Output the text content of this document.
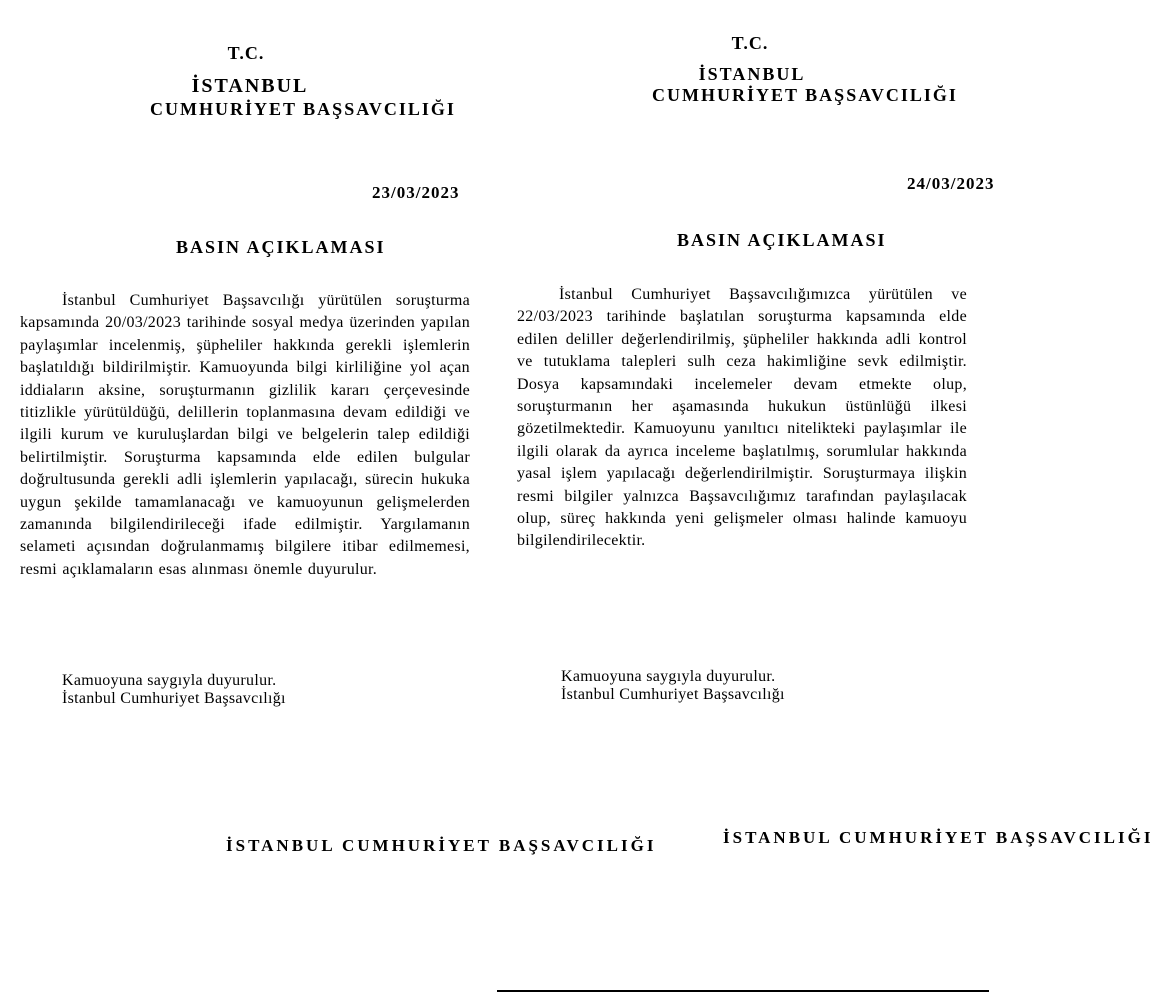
T.C.
İSTANBUL
CUMHURİYET BAŞSAVCILIĞI
23/03/2023
BASIN AÇIKLAMASI
İstanbul Cumhuriyet Başsavcılığı yürütülen soruşturma kapsamında 20/03/2023 tarihinde sosyal medya üzerinden yapılan paylaşımlar incelenmiş, şüpheliler hakkında gerekli işlemlerin başlatıldığı bildirilmiştir. Kamuoyunda bilgi kirliliğine yol açan iddiaların aksine, soruşturmanın gizlilik kararı çerçevesinde titizlikle yürütüldüğü, delillerin toplanmasına devam edildiği ve ilgili kurum ve kuruluşlardan bilgi ve belgelerin talep edildiği belirtilmiştir. Soruşturma kapsamında elde edilen bulgular doğrultusunda gerekli adli işlemlerin yapılacağı, sürecin hukuka uygun şekilde tamamlanacağı ve kamuoyunun gelişmelerden zamanında bilgilendirileceği ifade edilmiştir. Yargılamanın selameti açısından doğrulanmamış bilgilere itibar edilmemesi, resmi açıklamaların esas alınması önemle duyurulur.
Kamuoyuna saygıyla duyurulur.
İstanbul Cumhuriyet Başsavcılığı
İSTANBUL CUMHURİYET BAŞSAVCILIĞI
T.C.
İSTANBUL
CUMHURİYET BAŞSAVCILIĞI
24/03/2023
BASIN AÇIKLAMASI
İstanbul Cumhuriyet Başsavcılığımızca yürütülen ve 22/03/2023 tarihinde başlatılan soruşturma kapsamında elde edilen deliller değerlendirilmiş, şüpheliler hakkında adli kontrol ve tutuklama talepleri sulh ceza hakimliğine sevk edilmiştir. Dosya kapsamındaki incelemeler devam etmekte olup, soruşturmanın her aşamasında hukukun üstünlüğü ilkesi gözetilmektedir. Kamuoyunu yanıltıcı nitelikteki paylaşımlar ile ilgili olarak da ayrıca inceleme başlatılmış, sorumlular hakkında yasal işlem yapılacağı değerlendirilmiştir. Soruşturmaya ilişkin resmi bilgiler yalnızca Başsavcılığımız tarafından paylaşılacak olup, süreç hakkında yeni gelişmeler olması halinde kamuoyu bilgilendirilecektir.
Kamuoyuna saygıyla duyurulur.
İstanbul Cumhuriyet Başsavcılığı
İSTANBUL CUMHURİYET BAŞSAVCILIĞI
